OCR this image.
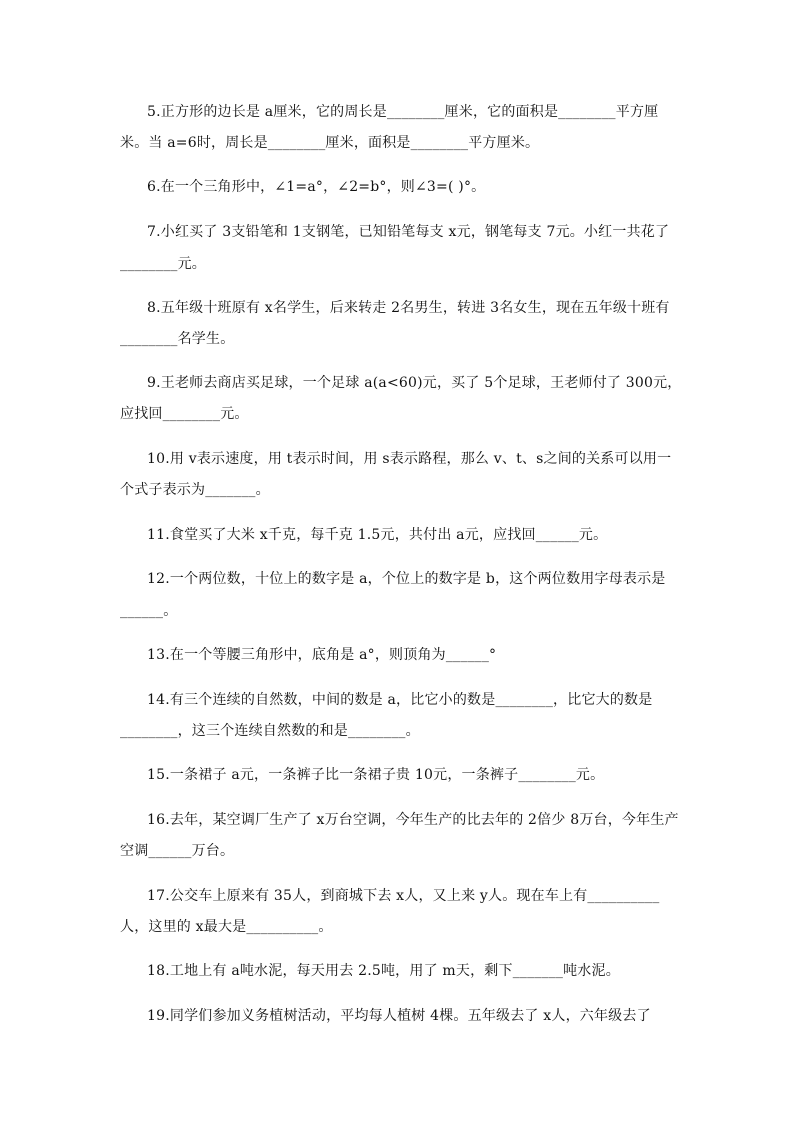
5.正方形的边长是 a厘米，它的周长是________厘米，它的面积是________平方厘
米。当 a=6时，周长是________厘米，面积是________平方厘米。
6.在一个三角形中，∠1=a°，∠2=b°，则∠3=( )°。
7.小红买了 3支铅笔和 1支钢笔，已知铅笔每支 x元，钢笔每支 7元。小红一共花了
________元。
8.五年级十班原有 x名学生，后来转走 2名男生，转进 3名女生，现在五年级十班有
________名学生。
9.王老师去商店买足球，一个足球 a(a<60)元，买了 5个足球，王老师付了 300元，
应找回________元。
10.用 v表示速度，用 t表示时间，用 s表示路程，那么 v、t、s之间的关系可以用一
个式子表示为_______。
11.食堂买了大米 x千克，每千克 1.5元，共付出 a元，应找回______元。
12.一个两位数，十位上的数字是 a，个位上的数字是 b，这个两位数用字母表示是
______。
13.在一个等腰三角形中，底角是 a°，则顶角为______°
14.有三个连续的自然数，中间的数是 a，比它小的数是________，比它大的数是
________，这三个连续自然数的和是________。
15.一条裙子 a元，一条裤子比一条裙子贵 10元，一条裤子________元。
16.去年，某空调厂生产了 x万台空调，今年生产的比去年的 2倍少 8万台，今年生产
空调______万台。
17.公交车上原来有 35人，到商城下去 x人，又上来 y人。现在车上有__________
人，这里的 x最大是__________。
18.工地上有 a吨水泥，每天用去 2.5吨，用了 m天，剩下_______吨水泥。
19.同学们参加义务植树活动，平均每人植树 4棵。五年级去了 x人，六年级去了
